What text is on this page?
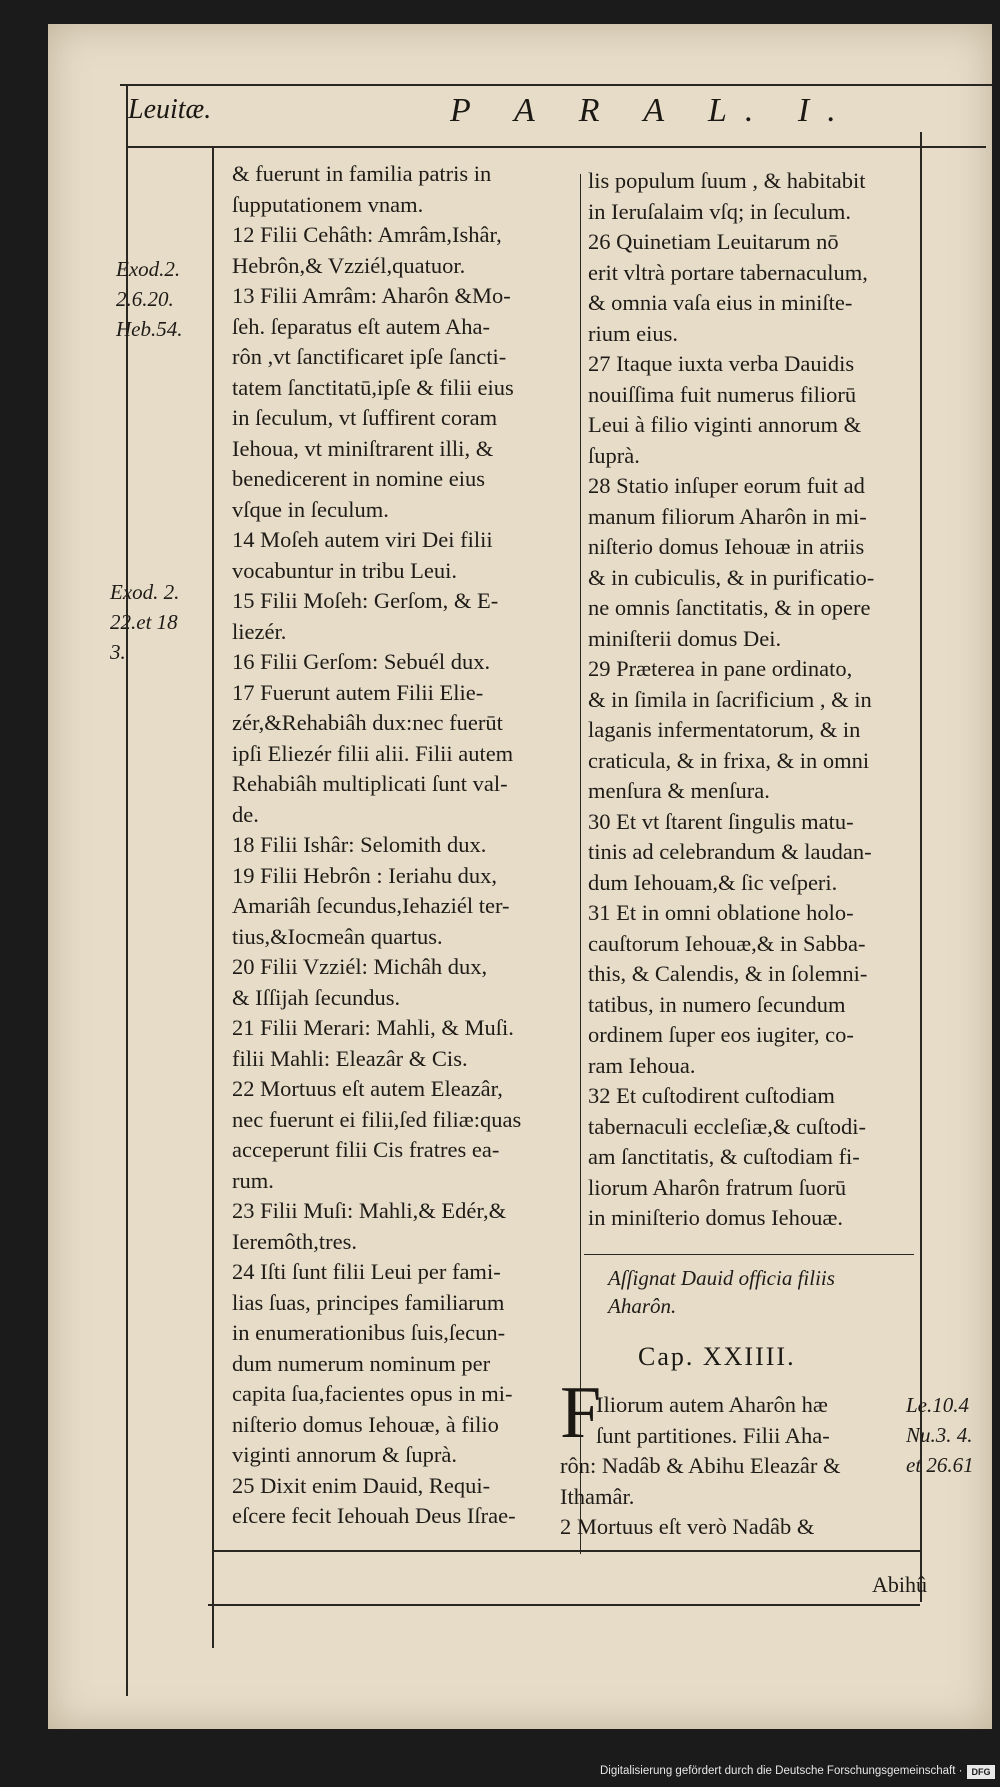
Leuitæ.	P A R A L. I.
Exod.2.
2.6.20.
Heb.54.
Exod. 2.
22.et 18
3.
Le.10.4
Nu.3. 4.
et 26.61
& fuerunt in familia patris in
ſupputationem vnam.
12 Filii Cehâth: Amrâm,Ishâr,
Hebrôn,& Vzziél,quatuor.
13 Filii Amrâm: Aharôn &Mo-
ſeh. ſeparatus eſt autem Aha-
rôn ,vt ſanctificaret ipſe ſancti-
tatem ſanctitatū,ipſe & filii eius
in ſeculum, vt ſuffirent coram
Iehoua, vt miniſtrarent illi, &
benedicerent in nomine eius
vſque in ſeculum.
14 Moſeh autem viri Dei filii
vocabuntur in tribu Leui.
15 Filii Moſeh: Gerſom, & E-
liezér.
16 Filii Gerſom: Sebuél dux.
17 Fuerunt autem Filii Elie-
zér,&Rehabiâh dux:nec fuerūt
ipſi Eliezér filii alii. Filii autem
Rehabiâh multiplicati ſunt val-
de.
18 Filii Ishâr: Selomith dux.
19 Filii Hebrôn : Ieriahu dux,
Amariâh ſecundus,Iehaziél ter-
tius,&Iocmeân quartus.
20 Filii Vzziél: Michâh dux,
& Iſſijah ſecundus.
21 Filii Merari: Mahli, & Muſi.
filii Mahli: Eleazâr & Cis.
22 Mortuus eſt autem Eleazâr,
nec fuerunt ei filii,ſed filiæ:quas
acceperunt filii Cis fratres ea-
rum.
23 Filii Muſi: Mahli,& Edér,&
Ieremôth,tres.
24 Iſti ſunt filii Leui per fami-
lias ſuas, principes familiarum
in enumerationibus ſuis,ſecun-
dum numerum nominum per
capita ſua,facientes opus in mi-
niſterio domus Iehouæ, à filio
viginti annorum & ſuprà.
25 Dixit enim Dauid, Requi-
eſcere fecit Iehouah Deus Iſrae-
lis populum ſuum , & habitabit
in Ieruſalaim vſq; in ſeculum.
26 Quinetiam Leuitarum nō
erit vltrà portare tabernaculum,
& omnia vaſa eius in miniſte-
rium eius.
27 Itaque iuxta verba Dauidis
nouiſſima fuit numerus filiorū
Leui à filio viginti annorum &
ſuprà.
28 Statio inſuper eorum fuit ad
manum filiorum Aharôn in mi-
niſterio domus Iehouæ in atriis
& in cubiculis, & in purificatio-
ne omnis ſanctitatis, & in opere
miniſterii domus Dei.
29 Præterea in pane ordinato,
& in ſimila in ſacrificium , & in
laganis infermentatorum, & in
craticula, & in frixa, & in omni
menſura & menſura.
30 Et vt ſtarent ſingulis matu-
tinis ad celebrandum & laudan-
dum Iehouam,& ſic veſperi.
31 Et in omni oblatione holo-
cauſtorum Iehouæ,& in Sabba-
this, & Calendis, & in ſolemni-
tatibus, in numero ſecundum
ordinem ſuper eos iugiter, co-
ram Iehoua.
32 Et cuſtodirent cuſtodiam
tabernaculi eccleſiæ,& cuſtodi-
am ſanctitatis, & cuſtodiam fi-
liorum Aharôn fratrum ſuorū
in miniſterio domus Iehouæ.
Aſſignat Dauid officia filiis
Aharôn.
Cap. XXIIII.
F
Iliorum autem Aharôn hæ
ſunt partitiones. Filii Aha-
rôn: Nadâb & Abihu Eleazâr &
Ithamâr.
2 Mortuus eſt verò Nadâb &
Abihû
Digitalisierung gefördert durch die Deutsche Forschungsgemeinschaft ·	DFG
